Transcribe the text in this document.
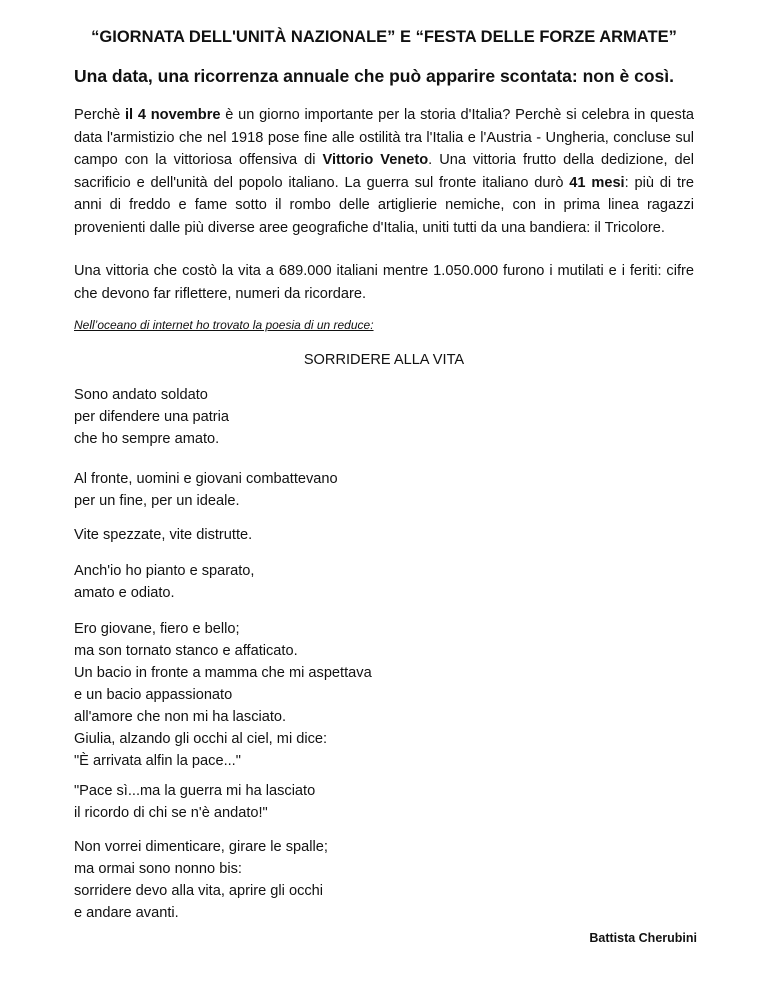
“GIORNATA DELL'UNITÀ NAZIONALE” E “FESTA DELLE FORZE ARMATE”
Una data, una ricorrenza annuale che può apparire scontata: non è così.
Perchè il 4 novembre è un giorno importante per la storia d'Italia? Perchè si celebra in questa data l'armistizio che nel 1918 pose fine alle ostilità tra l'Italia e l'Austria - Ungheria, concluse sul campo con la vittoriosa offensiva di Vittorio Veneto. Una vittoria frutto della dedizione, del sacrificio e dell'unità del popolo italiano. La guerra sul fronte italiano durò 41 mesi: più di tre anni di freddo e fame sotto il rombo delle artiglierie nemiche, con in prima linea ragazzi provenienti dalle più diverse aree geografiche d'Italia, uniti tutti da una bandiera: il Tricolore.
Una vittoria che costò la vita a 689.000 italiani mentre 1.050.000 furono i mutilati e i feriti: cifre che devono far riflettere, numeri da ricordare.
Nell’oceano di internet ho trovato la poesia di un reduce:
SORRIDERE ALLA VITA
Sono andato soldato
per difendere una patria
che ho sempre amato.
Al fronte, uomini e giovani combattevano
per un fine, per un ideale.
Vite spezzate, vite distrutte.
Anch'io ho pianto e sparato,
amato e odiato.
Ero giovane, fiero e bello;
ma son tornato stanco e affaticato.
Un bacio in fronte a mamma che mi aspettava
e un bacio appassionato
all'amore che non mi ha lasciato.
Giulia, alzando gli occhi al ciel, mi dice:
"È arrivata alfin la pace..."
"Pace sì...ma la guerra mi ha lasciato
il ricordo di chi se n'è andato!"
Non vorrei dimenticare, girare le spalle;
ma ormai sono nonno bis:
sorridere devo alla vita, aprire gli occhi
e andare avanti.
Battista Cherubini
